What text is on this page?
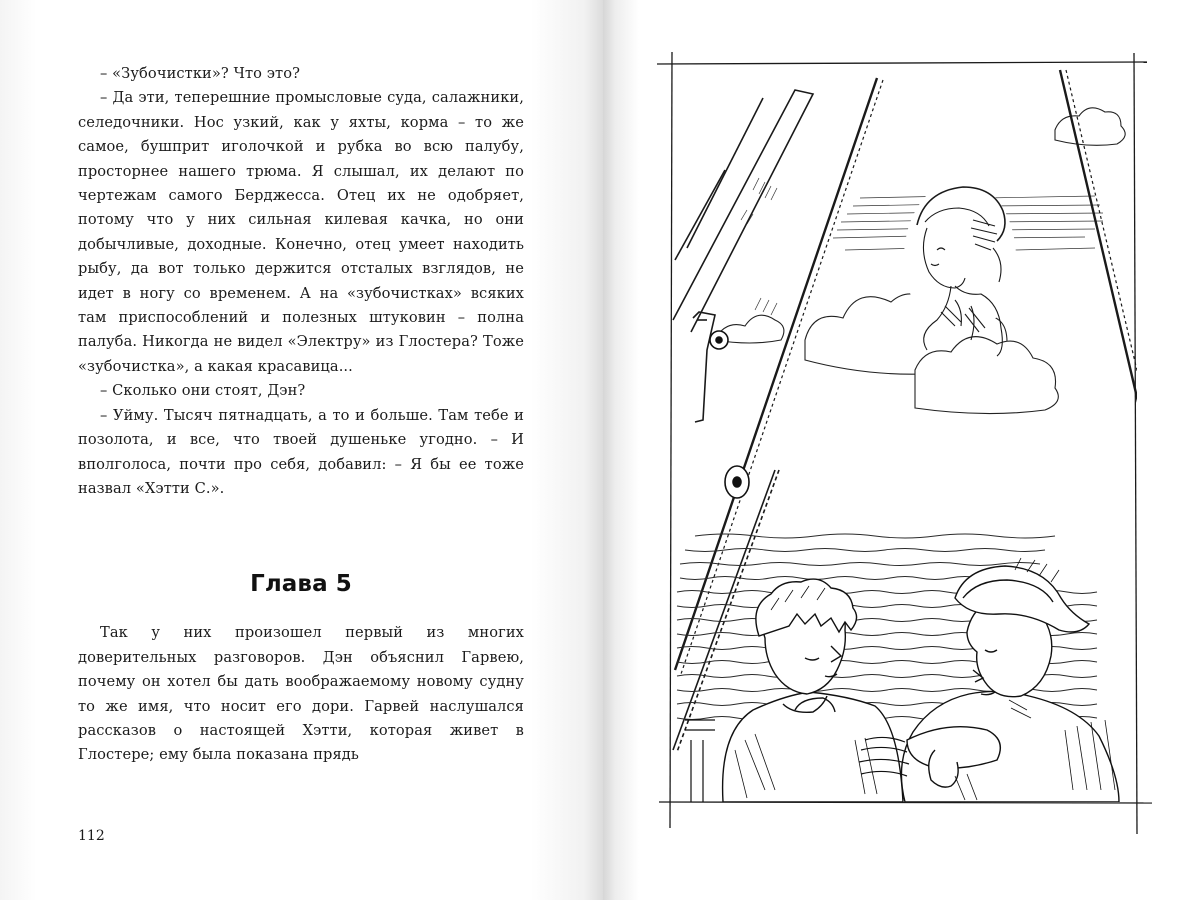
– «Зубочистки»? Что это?

– Да эти, теперешние промысловые суда, салажники, селедочники. Нос узкий, как у яхты, корма – то же самое, бушприт иголочкой и рубка во всю палубу, просторнее нашего трюма. Я слышал, их делают по чертежам самого Берджесса. Отец их не одобряет, потому что у них сильная килевая качка, но они добычливые, доходные. Конечно, отец умеет находить рыбу, да вот только держится отсталых взглядов, не идет в ногу со временем. А на «зубочистках» всяких там приспособлений и полезных штуковин – полна палуба. Никогда не видел «Электру» из Глостера? Тоже «зубочистка», а какая красавица...

– Сколько они стоят, Дэн?

– Уйму. Тысяч пятнадцать, а то и больше. Там тебе и позолота, и все, что твоей душеньке угодно. – И вполголоса, почти про себя, добавил: – Я бы ее тоже назвал «Хэтти С.».

Глава 5

Так у них произошел первый из многих доверительных разговоров. Дэн объяснил Гарвею, почему он хотел бы дать воображаемому новому судну то же имя, что носит его дори. Гарвей наслушался рассказов о настоящей Хэтти, которая живет в Глостере; ему была показана прядь

112
